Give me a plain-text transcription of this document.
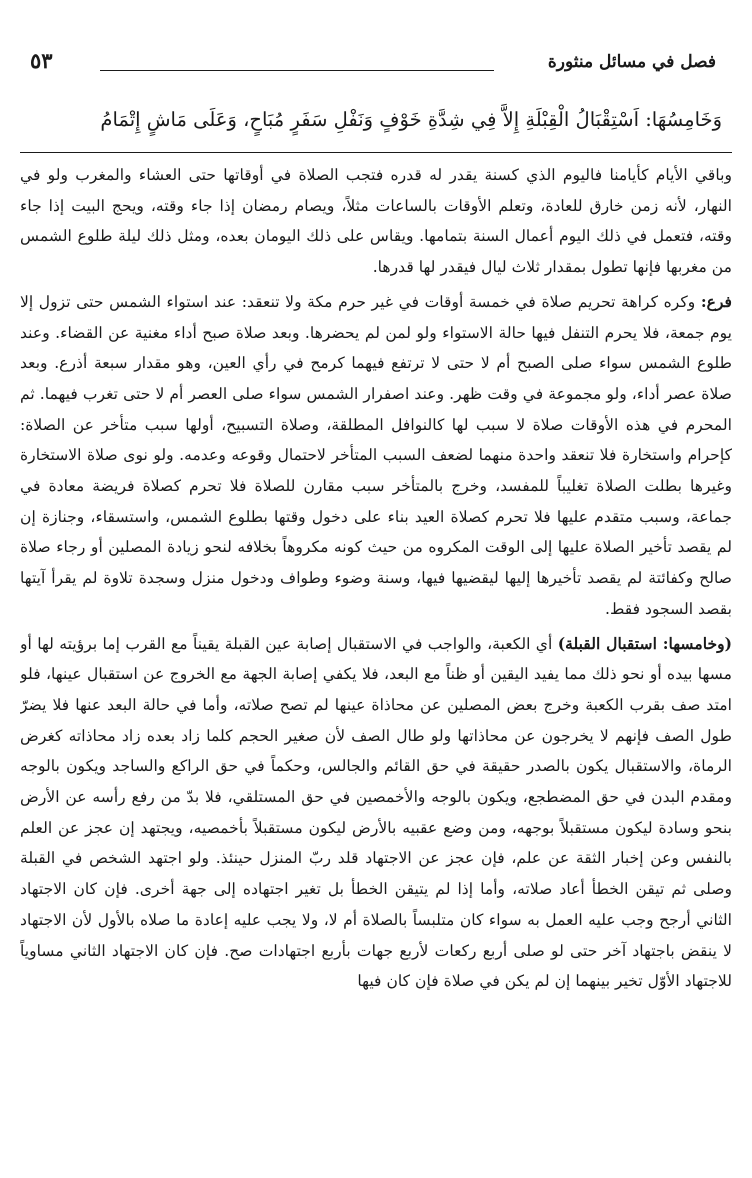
فصل في مسائل منثورة
٥٣
وَخَامِسُهَا: اَسْتِقْبَالُ الْقِبْلَةِ إِلاَّ فِي شِدَّةِ خَوْفٍ وَنَفْلِ سَفَرٍ مُبَاحٍ، وَعَلَى مَاشٍ إِتْمَامُ

وباقي الأيام كأيامنا فاليوم الذي كسنة يقدر له قدره فتجب الصلاة في أوقاتها حتى العشاء والمغرب ولو في النهار، لأنه زمن خارق للعادة، وتعلم الأوقات بالساعات مثلاً، ويصام رمضان إذا جاء وقته، ويحج البيت إذا جاء وقته، فتعمل في ذلك اليوم أعمال السنة بتمامها. ويقاس على ذلك اليومان بعده، ومثل ذلك ليلة طلوع الشمس من مغربها فإنها تطول بمقدار ثلاث ليال فيقدر لها قدرها.

فرع: وكره كراهة تحريم صلاة في خمسة أوقات في غير حرم مكة ولا تنعقد: عند استواء الشمس حتى تزول إلا يوم جمعة، فلا يحرم التنفل فيها حالة الاستواء ولو لمن لم يحضرها. وبعد صلاة صبح أداء مغنية عن القضاء. وعند طلوع الشمس سواء صلى الصبح أم لا حتى لا ترتفع فيهما كرمح في رأي العين، وهو مقدار سبعة أذرع. وبعد صلاة عصر أداء، ولو مجموعة في وقت ظهر. وعند اصفرار الشمس سواء صلى العصر أم لا حتى تغرب فيهما. ثم المحرم في هذه الأوقات صلاة لا سبب لها كالنوافل المطلقة، وصلاة التسبيح، أولها سبب متأخر عن الصلاة: كإحرام واستخارة فلا تنعقد واحدة منهما لضعف السبب المتأخر لاحتمال وقوعه وعدمه. ولو نوى صلاة الاستخارة وغيرها بطلت الصلاة تغليباً للمفسد، وخرج بالمتأخر سبب مقارن للصلاة فلا تحرم كصلاة فريضة معادة في جماعة، وسبب متقدم عليها فلا تحرم كصلاة العيد بناء على دخول وقتها بطلوع الشمس، واستسقاء، وجنازة إن لم يقصد تأخير الصلاة عليها إلى الوقت المكروه من حيث كونه مكروهاً بخلافه لنحو زيادة المصلين أو رجاء صلاة صالح وكفائتة لم يقصد تأخيرها إليها ليقضيها فيها، وسنة وضوء وطواف ودخول منزل وسجدة تلاوة لم يقرأ آيتها بقصد السجود فقط.

(وخامسها: استقبال القبلة) أي الكعبة، والواجب في الاستقبال إصابة عين القبلة يقيناً مع القرب إما برؤيته لها أو مسها بيده أو نحو ذلك مما يفيد اليقين أو ظناً مع البعد، فلا يكفي إصابة الجهة مع الخروج عن استقبال عينها، فلو امتد صف بقرب الكعبة وخرج بعض المصلين عن محاذاة عينها لم تصح صلاته، وأما في حالة البعد عنها فلا يضرّ طول الصف فإنهم لا يخرجون عن محاذاتها ولو طال الصف لأن صغير الحجم كلما زاد بعده زاد محاذاته كغرض الرماة، والاستقبال يكون بالصدر حقيقة في حق القائم والجالس، وحكماً في حق الراكع والساجد ويكون بالوجه ومقدم البدن في حق المضطجع، ويكون بالوجه والأخمصين في حق المستلقي، فلا بدّ من رفع رأسه عن الأرض بنحو وسادة ليكون مستقبلاً بوجهه، ومن وضع عقبيه بالأرض ليكون مستقبلاً بأخمصيه، ويجتهد إن عجز عن العلم بالنفس وعن إخبار الثقة عن علم، فإن عجز عن الاجتهاد قلد ربّ المنزل حينئذ. ولو اجتهد الشخص في القبلة وصلى ثم تيقن الخطأ أعاد صلاته، وأما إذا لم يتيقن الخطأ بل تغير اجتهاده إلى جهة أخرى. فإن كان الاجتهاد الثاني أرجح وجب عليه العمل به سواء كان متلبساً بالصلاة أم لا، ولا يجب عليه إعادة ما صلاه بالأول لأن الاجتهاد لا ينقض باجتهاد آخر حتى لو صلى أربع ركعات لأربع جهات بأربع اجتهادات صح. فإن كان الاجتهاد الثاني مساوياً للاجتهاد الأوّل تخير بينهما إن لم يكن في صلاة فإن كان فيها
